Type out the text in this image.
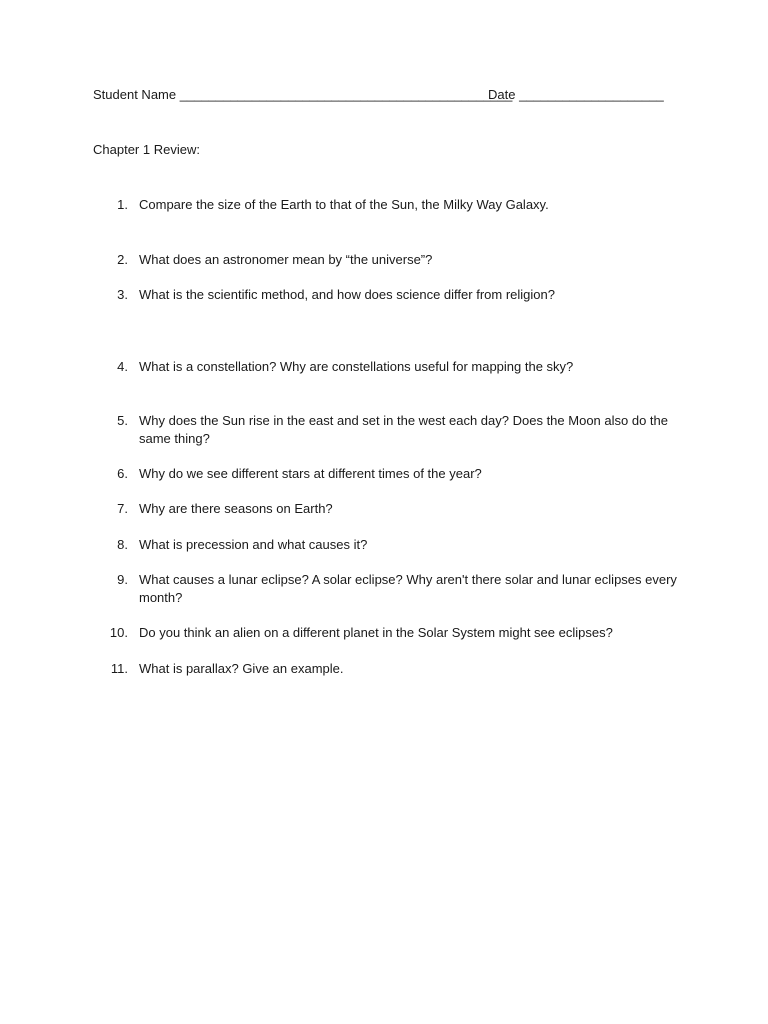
Student Name ______________________________________________
Date ____________________
Chapter 1 Review:
1. Compare the size of the Earth to that of the Sun, the Milky Way Galaxy.
2. What does an astronomer mean by “the universe”?
3. What is the scientific method, and how does science differ from religion?
4. What is a constellation? Why are constellations useful for mapping the sky?
5. Why does the Sun rise in the east and set in the west each day? Does the Moon also do the same thing?
6. Why do we see different stars at different times of the year?
7. Why are there seasons on Earth?
8. What is precession and what causes it?
9. What causes a lunar eclipse? A solar eclipse? Why aren't there solar and lunar eclipses every month?
10. Do you think an alien on a different planet in the Solar System might see eclipses?
11. What is parallax? Give an example.
